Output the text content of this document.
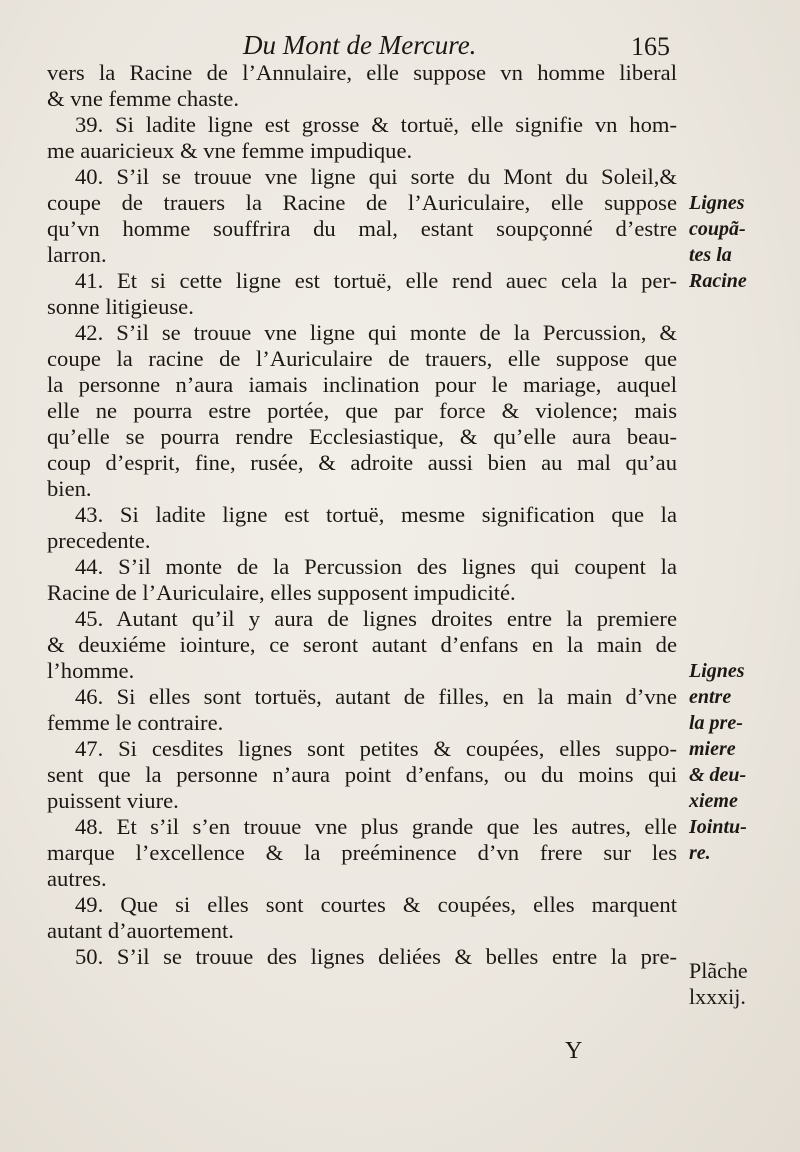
Du Mont de Mercure.	165
vers la Racine de l’Annulaire, elle suppose vn homme liberal
& vne femme chaste.
39. Si ladite ligne est grosse & tortuë, elle signifie vn hom-
me auaricieux & vne femme impudique.
40. S’il se trouue vne ligne qui sorte du Mont du Soleil,&
coupe de trauers la Racine de l’Auriculaire, elle suppose
qu’vn homme souffrira du mal, estant soupçonné d’estre
larron.
41. Et si cette ligne est tortuë, elle rend auec cela la per-
sonne litigieuse.
42. S’il se trouue vne ligne qui monte de la Percussion, &
coupe la racine de l’Auriculaire de trauers, elle suppose que
la personne n’aura iamais inclination pour le mariage, auquel
elle ne pourra estre portée, que par force & violence; mais
qu’elle se pourra rendre Ecclesiastique, & qu’elle aura beau-
coup d’esprit, fine, rusée, & adroite aussi bien au mal qu’au
bien.
43. Si ladite ligne est tortuë, mesme signification que la
precedente.
44. S’il monte de la Percussion des lignes qui coupent la
Racine de l’Auriculaire, elles supposent impudicité.
45. Autant qu’il y aura de lignes droites entre la premiere
& deuxiéme iointure, ce seront autant d’enfans en la main de
l’homme.
46. Si elles sont tortuës, autant de filles, en la main d’vne
femme le contraire.
47. Si cesdites lignes sont petites & coupées, elles suppo-
sent que la personne n’aura point d’enfans, ou du moins qui
puissent viure.
48. Et s’il s’en trouue vne plus grande que les autres, elle
marque l’excellence & la preéminence d’vn frere sur les
autres.
49. Que si elles sont courtes & coupées, elles marquent
autant d’auortement.
50. S’il se trouue des lignes deliées & belles entre la pre-
Lignes
coupã-
tes la
Racine
Lignes
entre
la pre-
miere
& deu-
xieme
Iointu-
re.
Plãche
lxxxij.
Y
